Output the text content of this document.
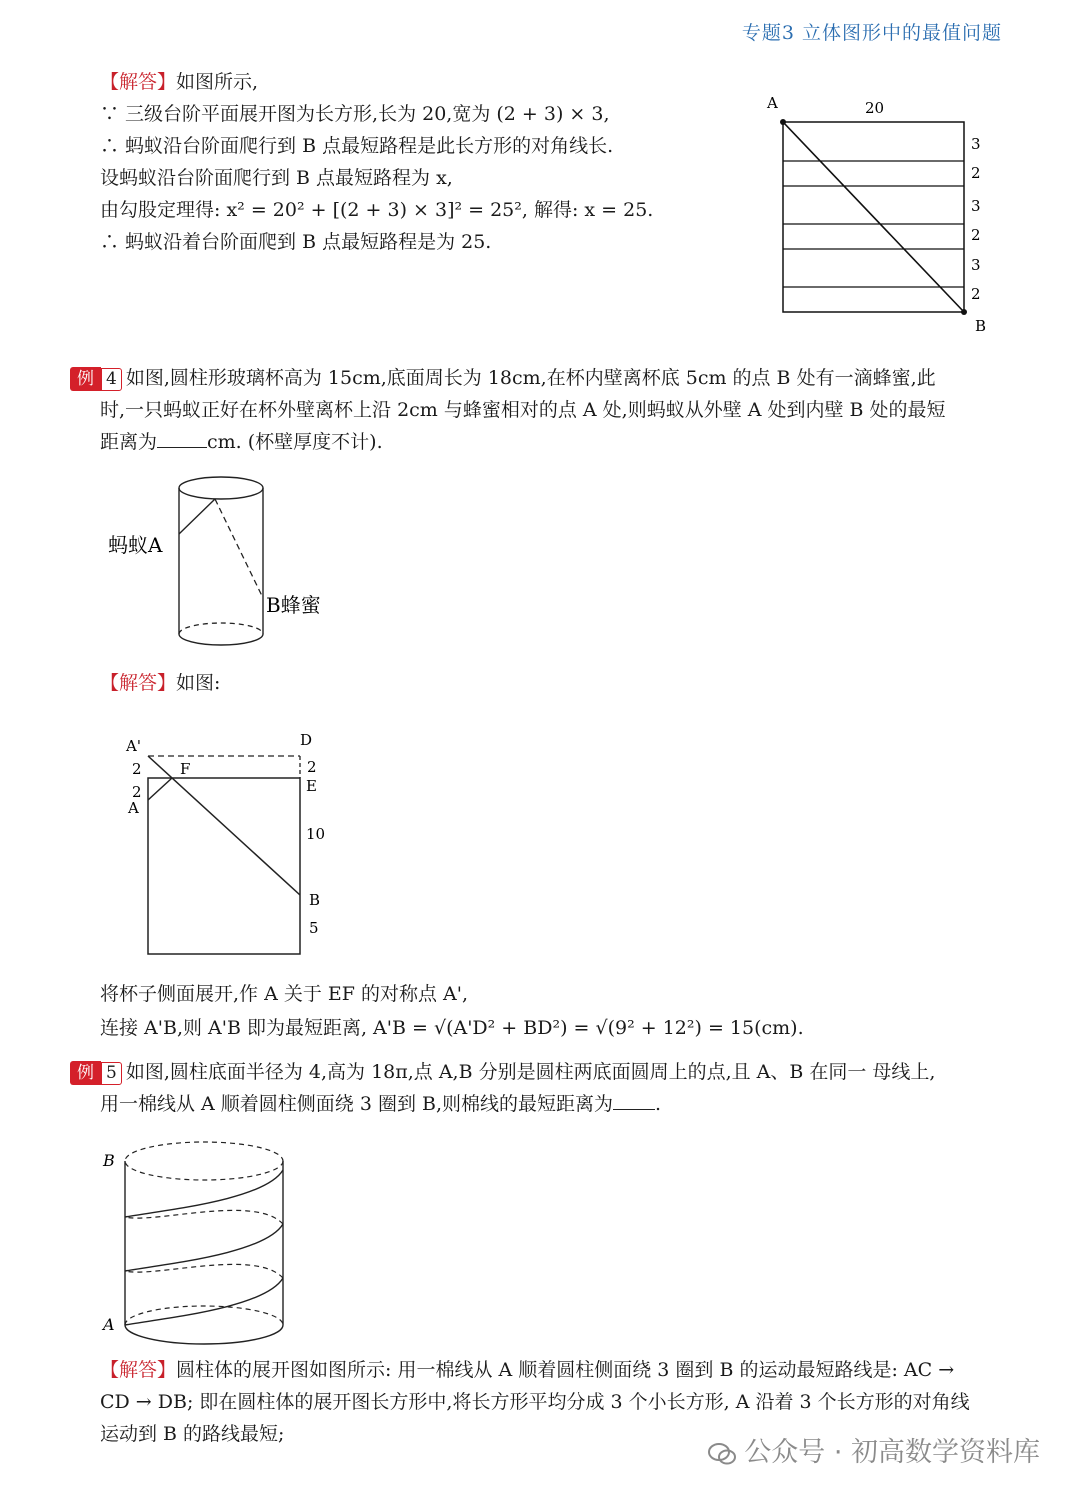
专题3 立体图形中的最值问题
【解答】如图所示,
∵ 三级台阶平面展开图为长方形,长为 20,宽为 (2 + 3) × 3,
∴ 蚂蚁沿台阶面爬行到 B 点最短路程是此长方形的对角线长.
设蚂蚁沿台阶面爬行到 B 点最短路程为 x,
由勾股定理得: x² = 20² + [(2 + 3) × 3]² = 25², 解得: x = 25.
∴ 蚂蚁沿着台阶面爬到 B 点最短路程是为 25.
A	20
3
2
3
2
3
2
B
例 4 如图,圆柱形玻璃杯高为 15cm,底面周长为 18cm,在杯内壁离杯底 5cm 的点 B 处有一滴蜂蜜,此
时,一只蚂蚁正好在杯外壁离杯上沿 2cm 与蜂蜜相对的点 A 处,则蚂蚁从外壁 A 处到内壁 B 处的最短
距离为	cm. (杯壁厚度不计).
蚂蚁A
B蜂蜜
【解答】如图:
A'	D
F
2
2
A
2
E
10
B
5
将杯子侧面展开,作 A 关于 EF 的对称点 A',
连接 A'B,则 A'B 即为最短距离, A'B = √(A'D² + BD²) = √(9² + 12²) = 15(cm).
例 5 如图,圆柱底面半径为 4,高为 18π,点 A,B 分别是圆柱两底面圆周上的点,且 A、B 在同一 母线上,
用一棉线从 A 顺着圆柱侧面绕 3 圈到 B,则棉线的最短距离为 .
B
A
【解答】圆柱体的展开图如图所示: 用一棉线从 A 顺着圆柱侧面绕 3 圈到 B 的运动最短路线是: AC →
CD → DB; 即在圆柱体的展开图长方形中,将长方形平均分成 3 个小长方形, A 沿着 3 个长方形的对角线
运动到 B 的路线最短;
公众号 · 初高数学资料库
